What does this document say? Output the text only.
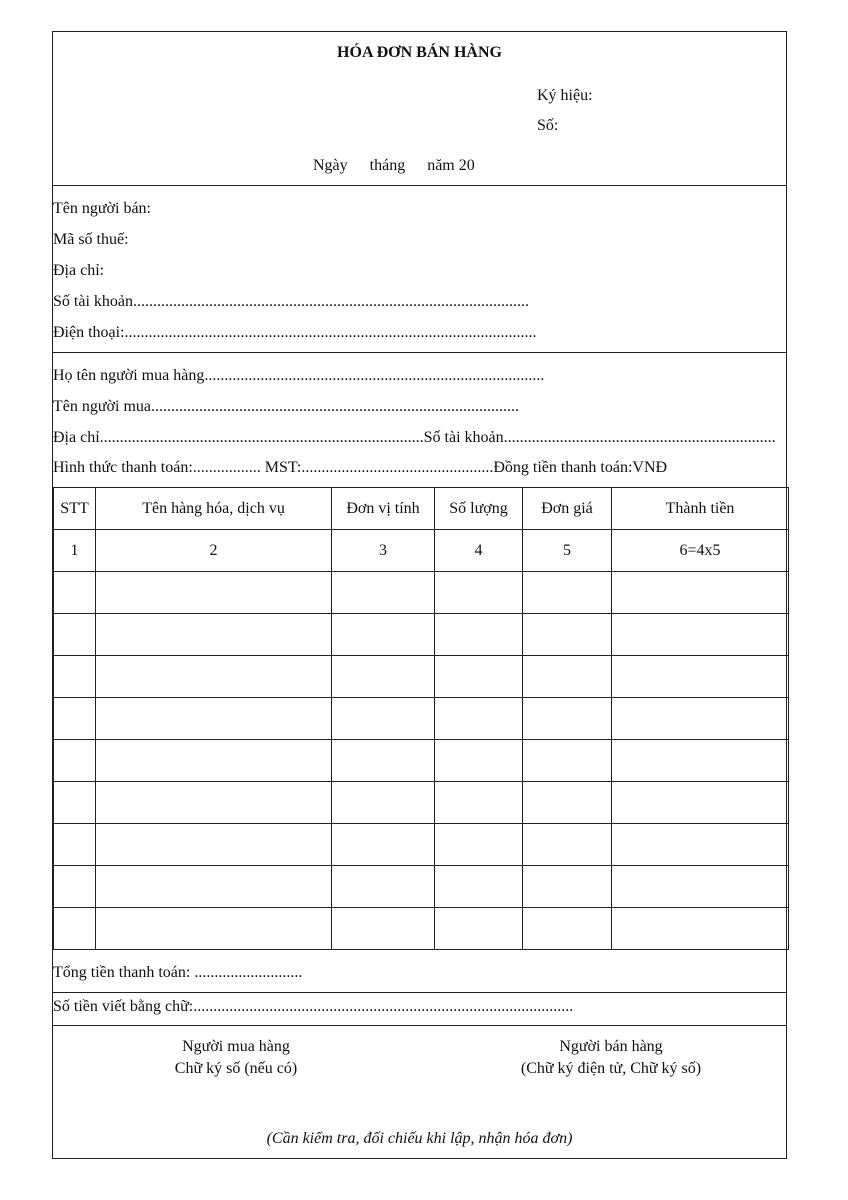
HÓA ĐƠN BÁN HÀNG
Ký hiệu:
Số:
Ngày tháng năm 20
Tên người bán:
Mã số thuế:
Địa chỉ:
Số tài khoản...................................................................................................
Điện thoại:.......................................................................................................
Họ tên người mua hàng.....................................................................................
Tên người mua............................................................................................
Địa chỉ.................................................................................Số tài khoản....................................................................
Hình thức thanh toán:................. MST:................................................Đồng tiền thanh toán:VNĐ
STT	Tên hàng hóa, dịch vụ	Đơn vị tính	Số lượng	Đơn giá	Thành tiền
1	2	3	4	5	6=4x5

Tổng tiền thanh toán: ...........................
Số tiền viết bằng chữ:...............................................................................................
Người mua hàng
Chữ ký số (nếu có)
Người bán hàng
(Chữ ký điện tử, Chữ ký số)
(Cần kiểm tra, đối chiếu khi lập, nhận hóa đơn)
